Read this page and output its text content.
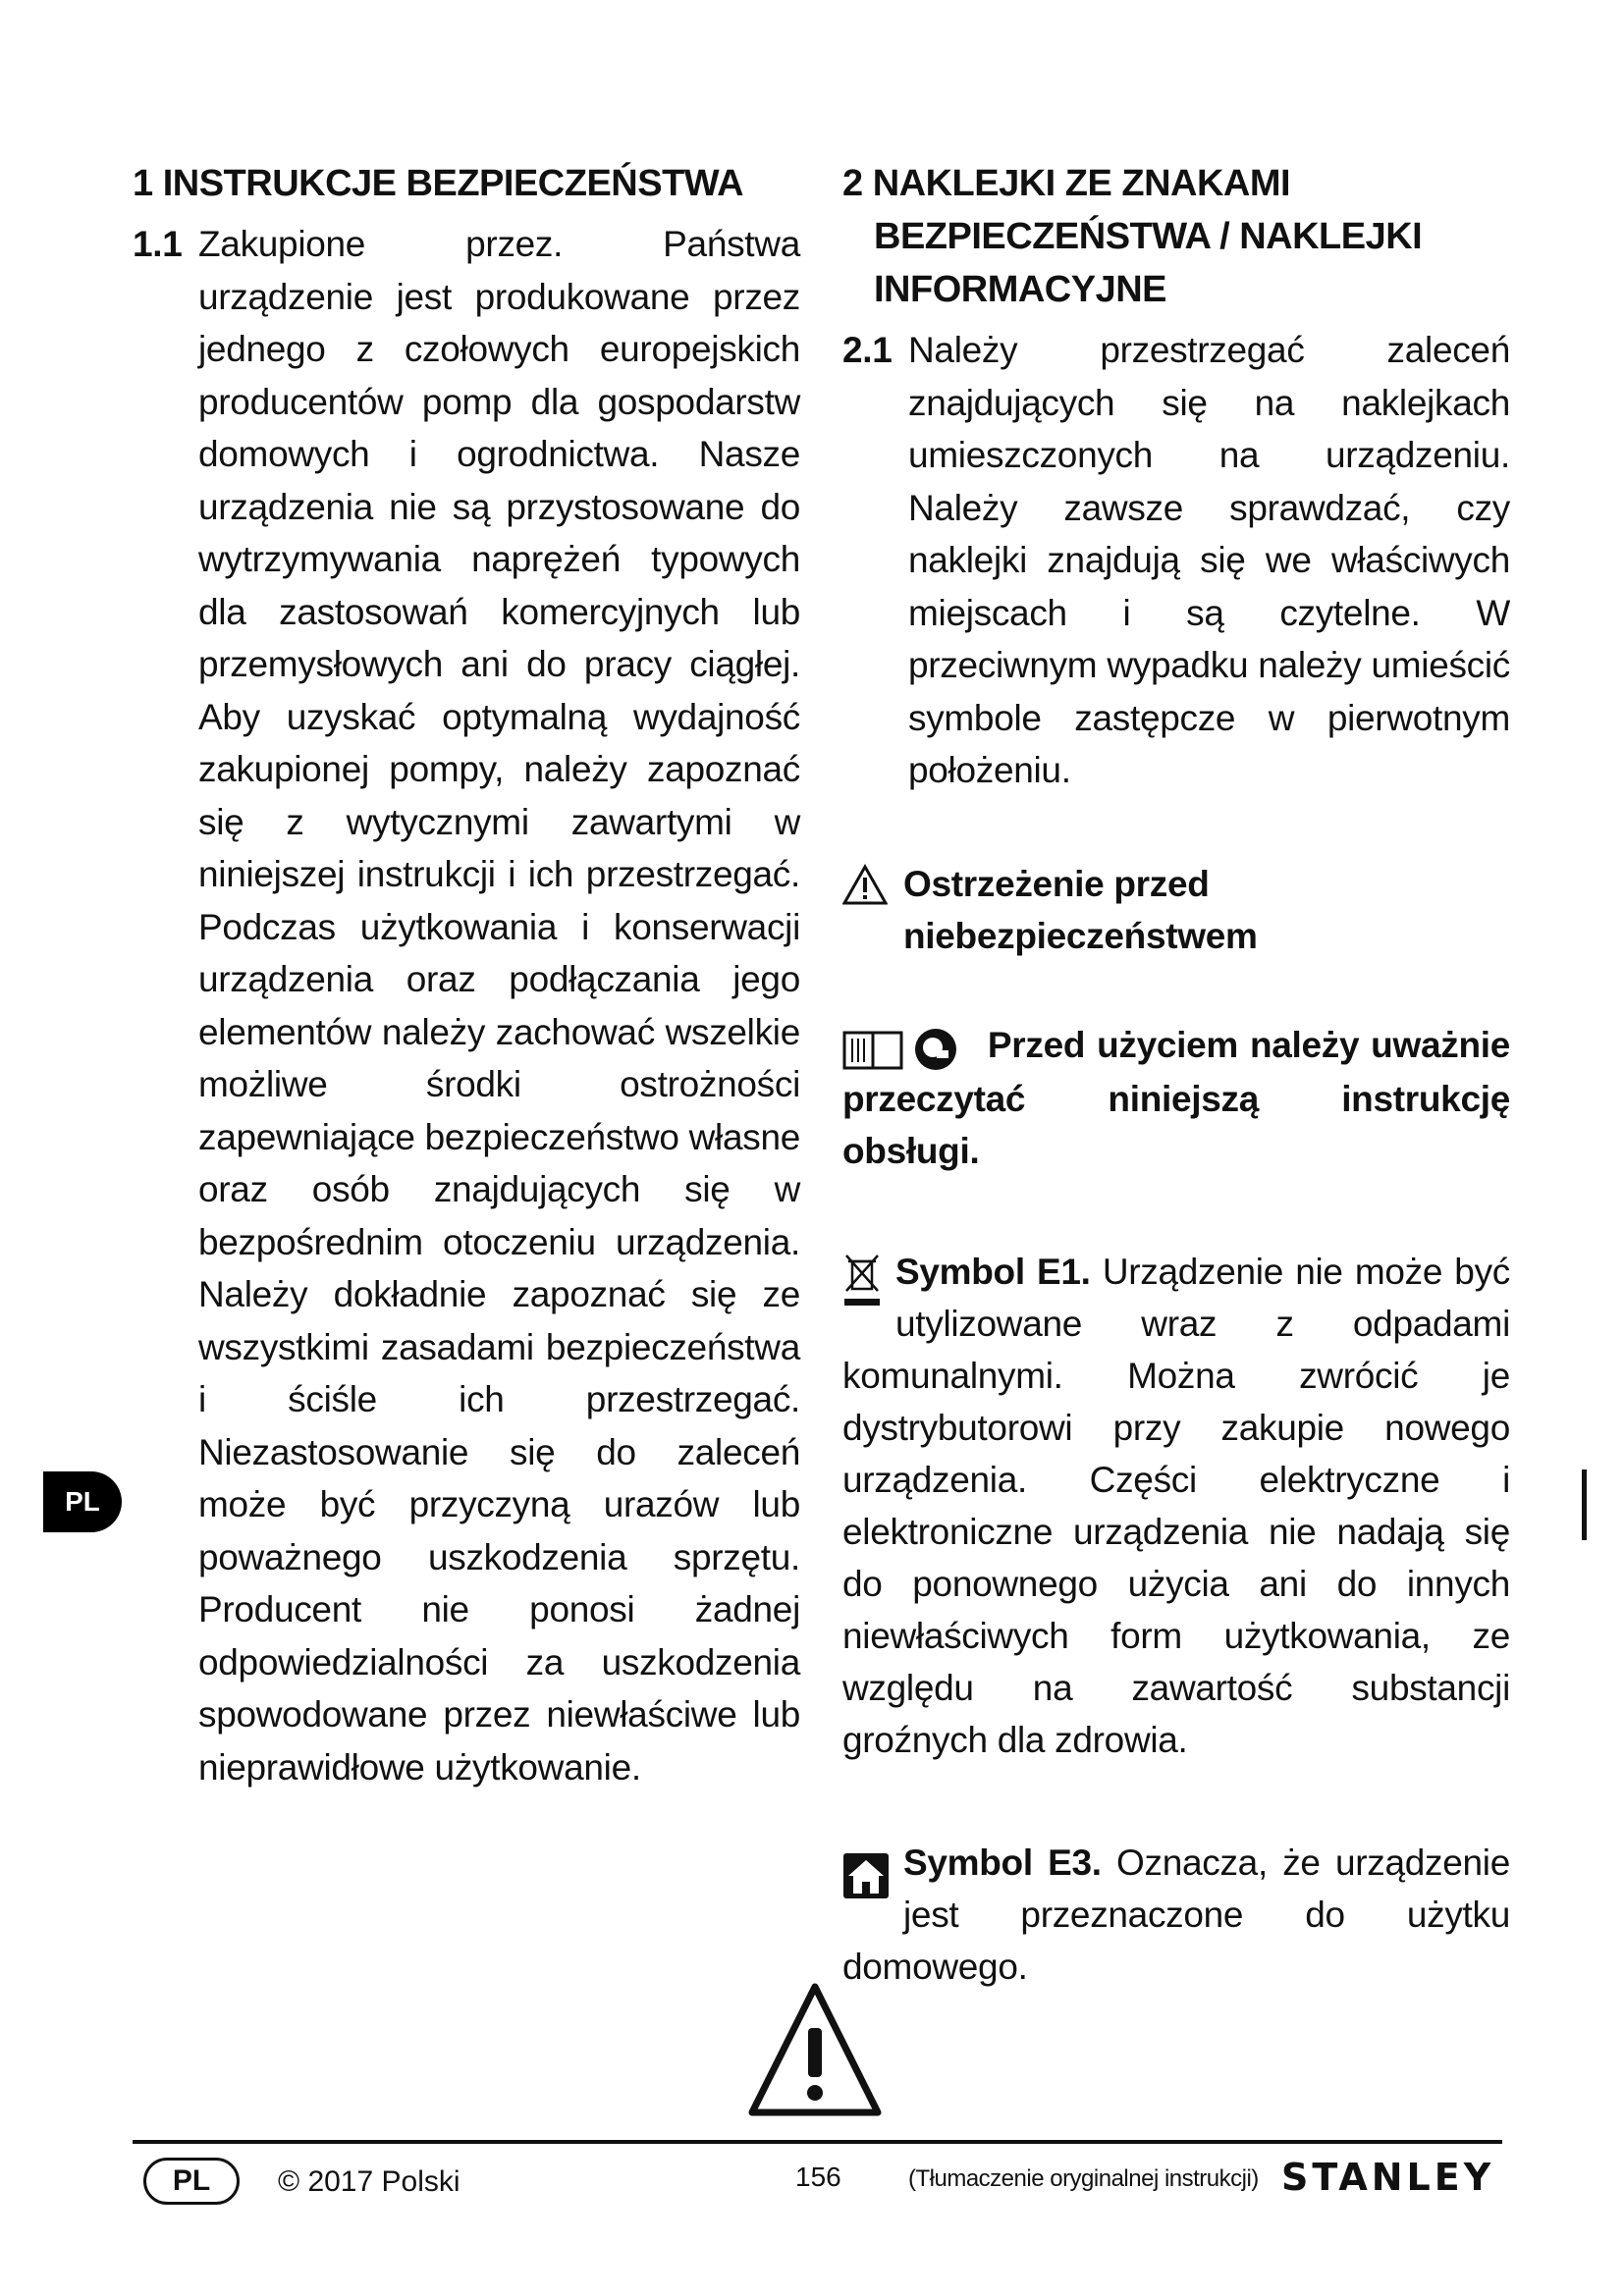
1 INSTRUKCJE BEZPIECZEŃSTWA

1.1 Zakupione przez. Państwa urządzenie jest produkowane przez jednego z czołowych europejskich producentów pomp dla gospodarstw domowych i ogrodnictwa. Nasze urządzenia nie są przystosowane do wytrzymywania naprężeń typowych dla zastosowań komercyjnych lub przemysłowych ani do pracy ciągłej. Aby uzyskać optymalną wydajność zakupionej pompy, należy zapoznać się z wytycznymi zawartymi w niniejszej instrukcji i ich przestrzegać. Podczas użytkowania i konserwacji urządzenia oraz podłączania jego elementów należy zachować wszelkie możliwe środki ostrożności zapewniające bezpieczeństwo własne oraz osób znajdujących się w bezpośrednim otoczeniu urządzenia. Należy dokładnie zapoznać się ze wszystkimi zasadami bezpieczeństwa i ściśle ich przestrzegać. Niezastosowanie się do zaleceń może być przyczyną urazów lub poważnego uszkodzenia sprzętu. Producent nie ponosi żadnej odpowiedzialności za uszkodzenia spowodowane przez niewłaściwe lub nieprawidłowe użytkowanie.

2 NAKLEJKI ZE ZNAKAMI BEZPIECZEŃSTWA / NAKLEJKI INFORMACYJNE

2.1 Należy przestrzegać zaleceń znajdujących się na naklejkach umieszczonych na urządzeniu. Należy zawsze sprawdzać, czy naklejki znajdują się we właściwych miejscach i są czytelne. W przeciwnym wypadku należy umieścić symbole zastępcze w pierwotnym położeniu.

Ostrzeżenie przed niebezpieczeństwem
Przed użyciem należy uważnie przeczytać niniejszą instrukcję obsługi.
Symbol E1. Urządzenie nie może być utylizowane wraz z odpadami komunalnymi. Można zwrócić je dystrybutorowi przy zakupie nowego urządzenia. Części elektryczne i elektroniczne urządzenia nie nadają się do ponownego użycia ani do innych niewłaściwych form użytkowania, ze względu na zawartość substancji groźnych dla zdrowia.
Symbol E3. Oznacza, że urządzenie jest przeznaczone do użytku domowego.
PL
PL	© 2017 Polski	156	(Tłumaczenie oryginalnej instrukcji) STANLEY
